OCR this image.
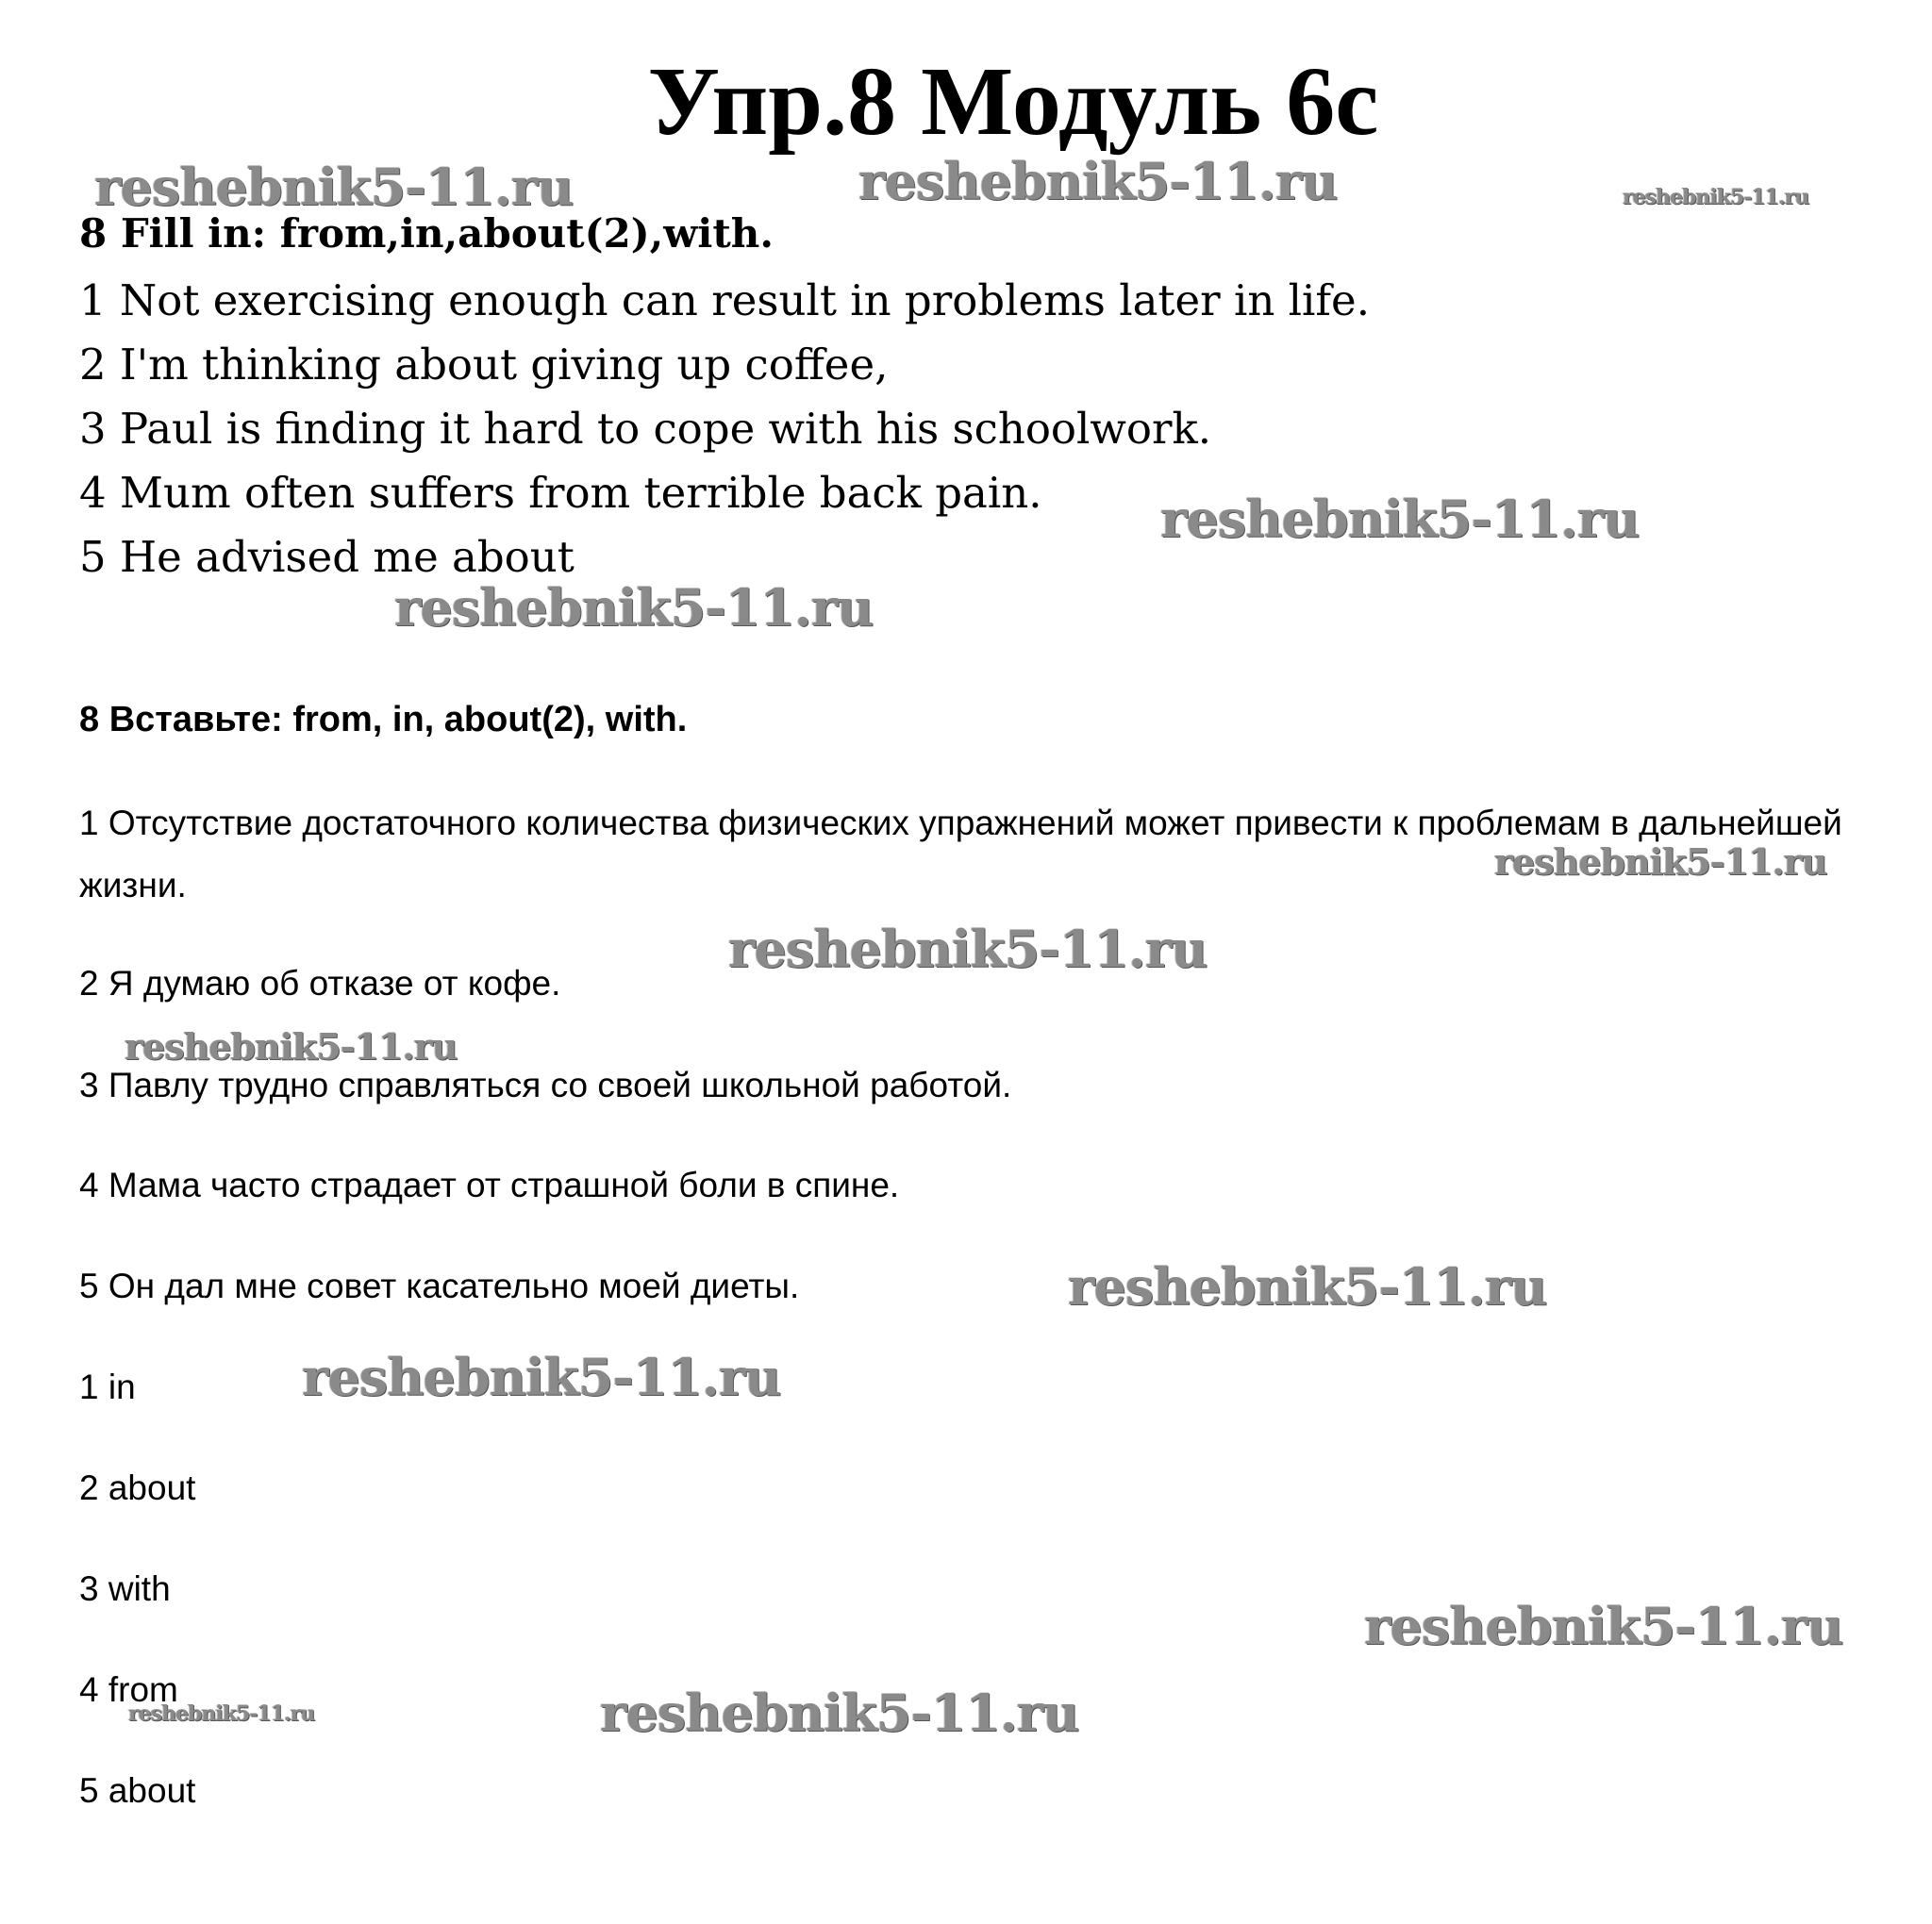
Упр.8 Модуль 6с
8 Fill in: from,in,about(2),with.
1 Not exercising enough can result in problems later in life.
2 I'm thinking about giving up coffee,
3 Paul is finding it hard to cope with his schoolwork.
4 Mum often suffers from terrible back pain.
5 He advised me about
8 Вставьте: from, in, about(2), with.
1 Отсутствие достаточного количества физических упражнений может привести к проблемам в дальнейшей жизни.
2 Я думаю об отказе от кофе.
3 Павлу трудно справляться со своей школьной работой.
4 Мама часто страдает от страшной боли в спине.
5 Он дал мне совет касательно моей диеты.
1 in
2 about
3 with
4 from
5 about
reshebnik5-11.ru	reshebnik5-11.ru	reshebnik5-11.ru
reshebnik5-11.ru
reshebnik5-11.ru
reshebnik5-11.ru
reshebnik5-11.ru
reshebnik5-11.ru
reshebnik5-11.ru
reshebnik5-11.ru
reshebnik5-11.ru
reshebnik5-11.ru	reshebnik5-11.ru
